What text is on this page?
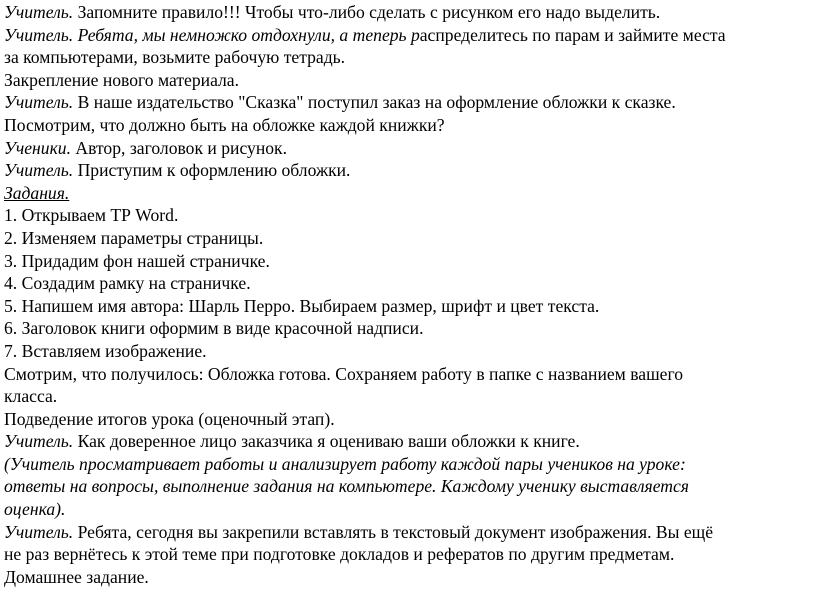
Учитель. Запомните правило!!! Чтобы что-либо сделать с рисунком его надо выделить.
Учитель. Ребята, мы немножко отдохнули, а теперь распределитесь по парам и займите места
за компьютерами, возьмите рабочую тетрадь.
Закрепление нового материала.
Учитель. В наше издательство "Сказка" поступил заказ на оформление обложки к сказке.
Посмотрим, что должно быть на обложке каждой книжки?
Ученики. Автор, заголовок и рисунок.
Учитель. Приступим к оформлению обложки.
Задания.
1. Открываем ТР Word.
2. Изменяем параметры страницы.
3. Придадим фон нашей страничке.
4. Создадим рамку на страничке.
5. Напишем имя автора: Шарль Перро. Выбираем размер, шрифт и цвет текста.
6. Заголовок книги оформим в виде красочной надписи.
7. Вставляем изображение.
Смотрим, что получилось: Обложка готова. Сохраняем работу в папке с названием вашего
класса.
Подведение итогов урока (оценочный этап).
Учитель. Как доверенное лицо заказчика я оцениваю ваши обложки к книге.
(Учитель просматривает работы и анализирует работу каждой пары учеников на уроке:
ответы на вопросы, выполнение задания на компьютере. Каждому ученику выставляется
оценка).
Учитель. Ребята, сегодня вы закрепили вставлять в текстовый документ изображения. Вы ещё
не раз вернётесь к этой теме при подготовке докладов и рефератов по другим предметам.
Домашнее задание.
